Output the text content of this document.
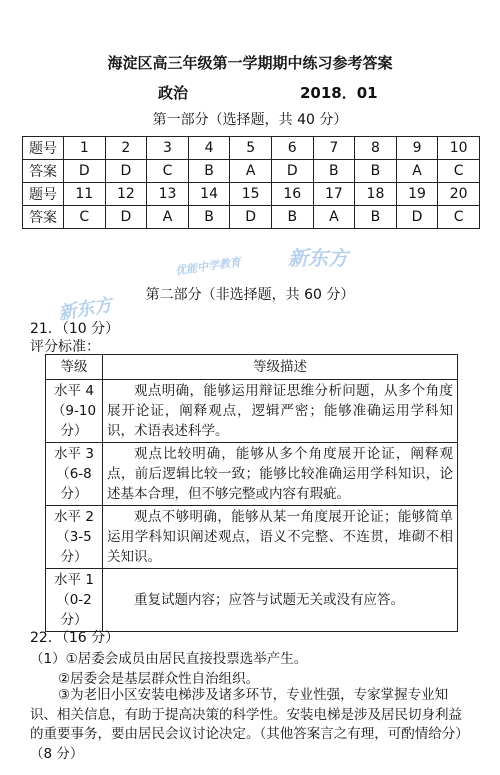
海淀区高三年级第一学期期中练习参考答案
政治	2018．01
第一部分（选择题，共 40 分）
题号	1	2	3	4	5	6	7	8	9	10
答案	D	D	C	B	A	D	B	B	A	C
题号	11	12	13	14	15	16	17	18	19	20
答案	C	D	A	B	D	B	A	B	D	C
新东方
优能中学教育
新东方	第二部分（非选择题，共 60 分）
21．（10 分）
评分标准：
等级	等级描述
水平 4（9-10分）	观点明确，能够运用辩证思维分析问题，从多个角度展开论证，阐释观点，逻辑严密；能够准确运用学科知识，术语表述科学。
水平 3（6-8分）	观点比较明确，能够从多个角度展开论证，阐释观点，前后逻辑比较一致；能够比较准确运用学科知识，论述基本合理，但不够完整或内容有瑕疵。
水平 2（3-5分）	观点不够明确，能够从某一角度展开论证；能够简单运用学科知识阐述观点，语义不完整、不连贯，堆砌不相关知识。
水平 1（0-2分）	重复试题内容；应答与试题无关或没有应答。
22．（16 分）
（1）①居委会成员由居民直接投票选举产生。
②居委会是基层群众性自治组织。
③为老旧小区安装电梯涉及诸多环节，专业性强，专家掌握专业知识、相关信息，有助于提高决策的科学性。安装电梯是涉及居民切身利益的重要事务，要由居民会议讨论决定。（其他答案言之有理，可酌情给分）（8 分）
